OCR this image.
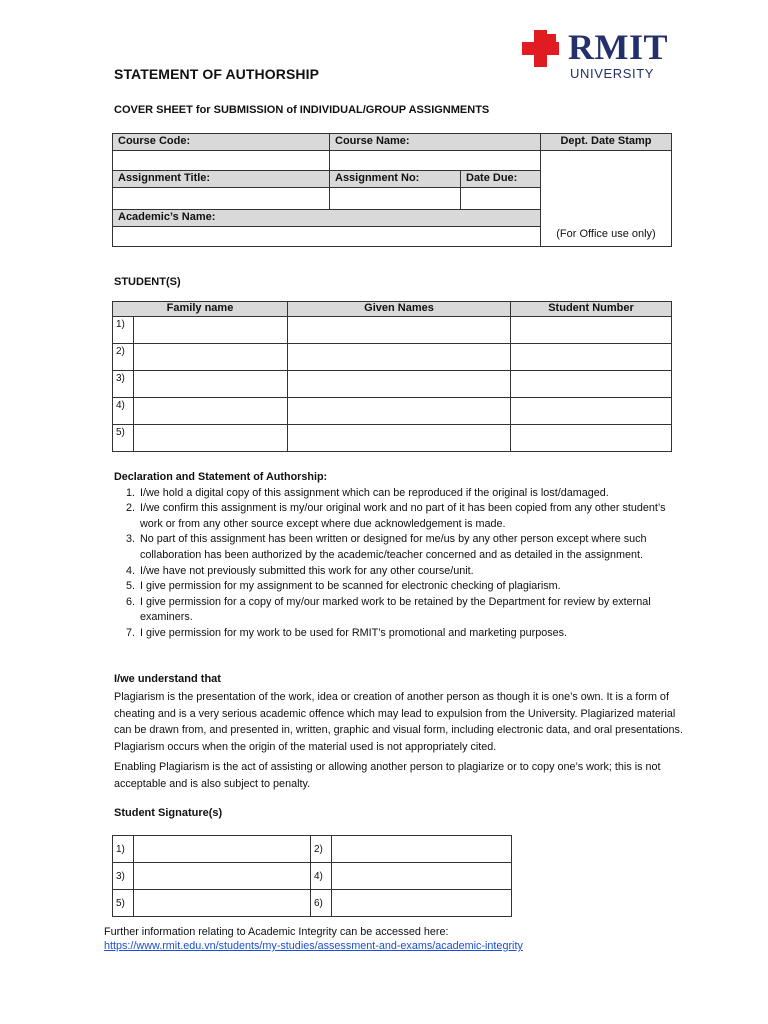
STATEMENT OF AUTHORSHIP
COVER SHEET for SUBMISSION of INDIVIDUAL/GROUP ASSIGNMENTS
RMIT
UNIVERSITY
Course Code:	Course Name:		Dept. Date Stamp
			(For Office use only)
Assignment Title:	Assignment No:	Date Due:	

Academic’s Name:			

STUDENT(S)
Family name		Given Names	Student Number
1)			
2)			
3)			
4)			
5)			
Declaration and Statement of Authorship:
1. I/we hold a digital copy of this assignment which can be reproduced if the original is lost/damaged.
2. I/we confirm this assignment is my/our original work and no part of it has been copied from any other student’s work or from any other source except where due acknowledgement is made.
3. No part of this assignment has been written or designed for me/us by any other person except where such collaboration has been authorized by the academic/teacher concerned and as detailed in the assignment.
4. I/we have not previously submitted this work for any other course/unit.
5. I give permission for my assignment to be scanned for electronic checking of plagiarism.
6. I give permission for a copy of my/our marked work to be retained by the Department for review by external examiners.
7. I give permission for my work to be used for RMIT’s promotional and marketing purposes.
I/we understand that
Plagiarism is the presentation of the work, idea or creation of another person as though it is one’s own. It is a form of cheating and is a very serious academic offence which may lead to expulsion from the University. Plagiarized material can be drawn from, and presented in, written, graphic and visual form, including electronic data, and oral presentations. Plagiarism occurs when the origin of the material used is not appropriately cited.
Enabling Plagiarism is the act of assisting or allowing another person to plagiarize or to copy one’s work; this is not acceptable and is also subject to penalty.
Student Signature(s)
1)		2)	
3)		4)	
5)		6)	
Further information relating to Academic Integrity can be accessed here:
https://www.rmit.edu.vn/students/my-studies/assessment-and-exams/academic-integrity
